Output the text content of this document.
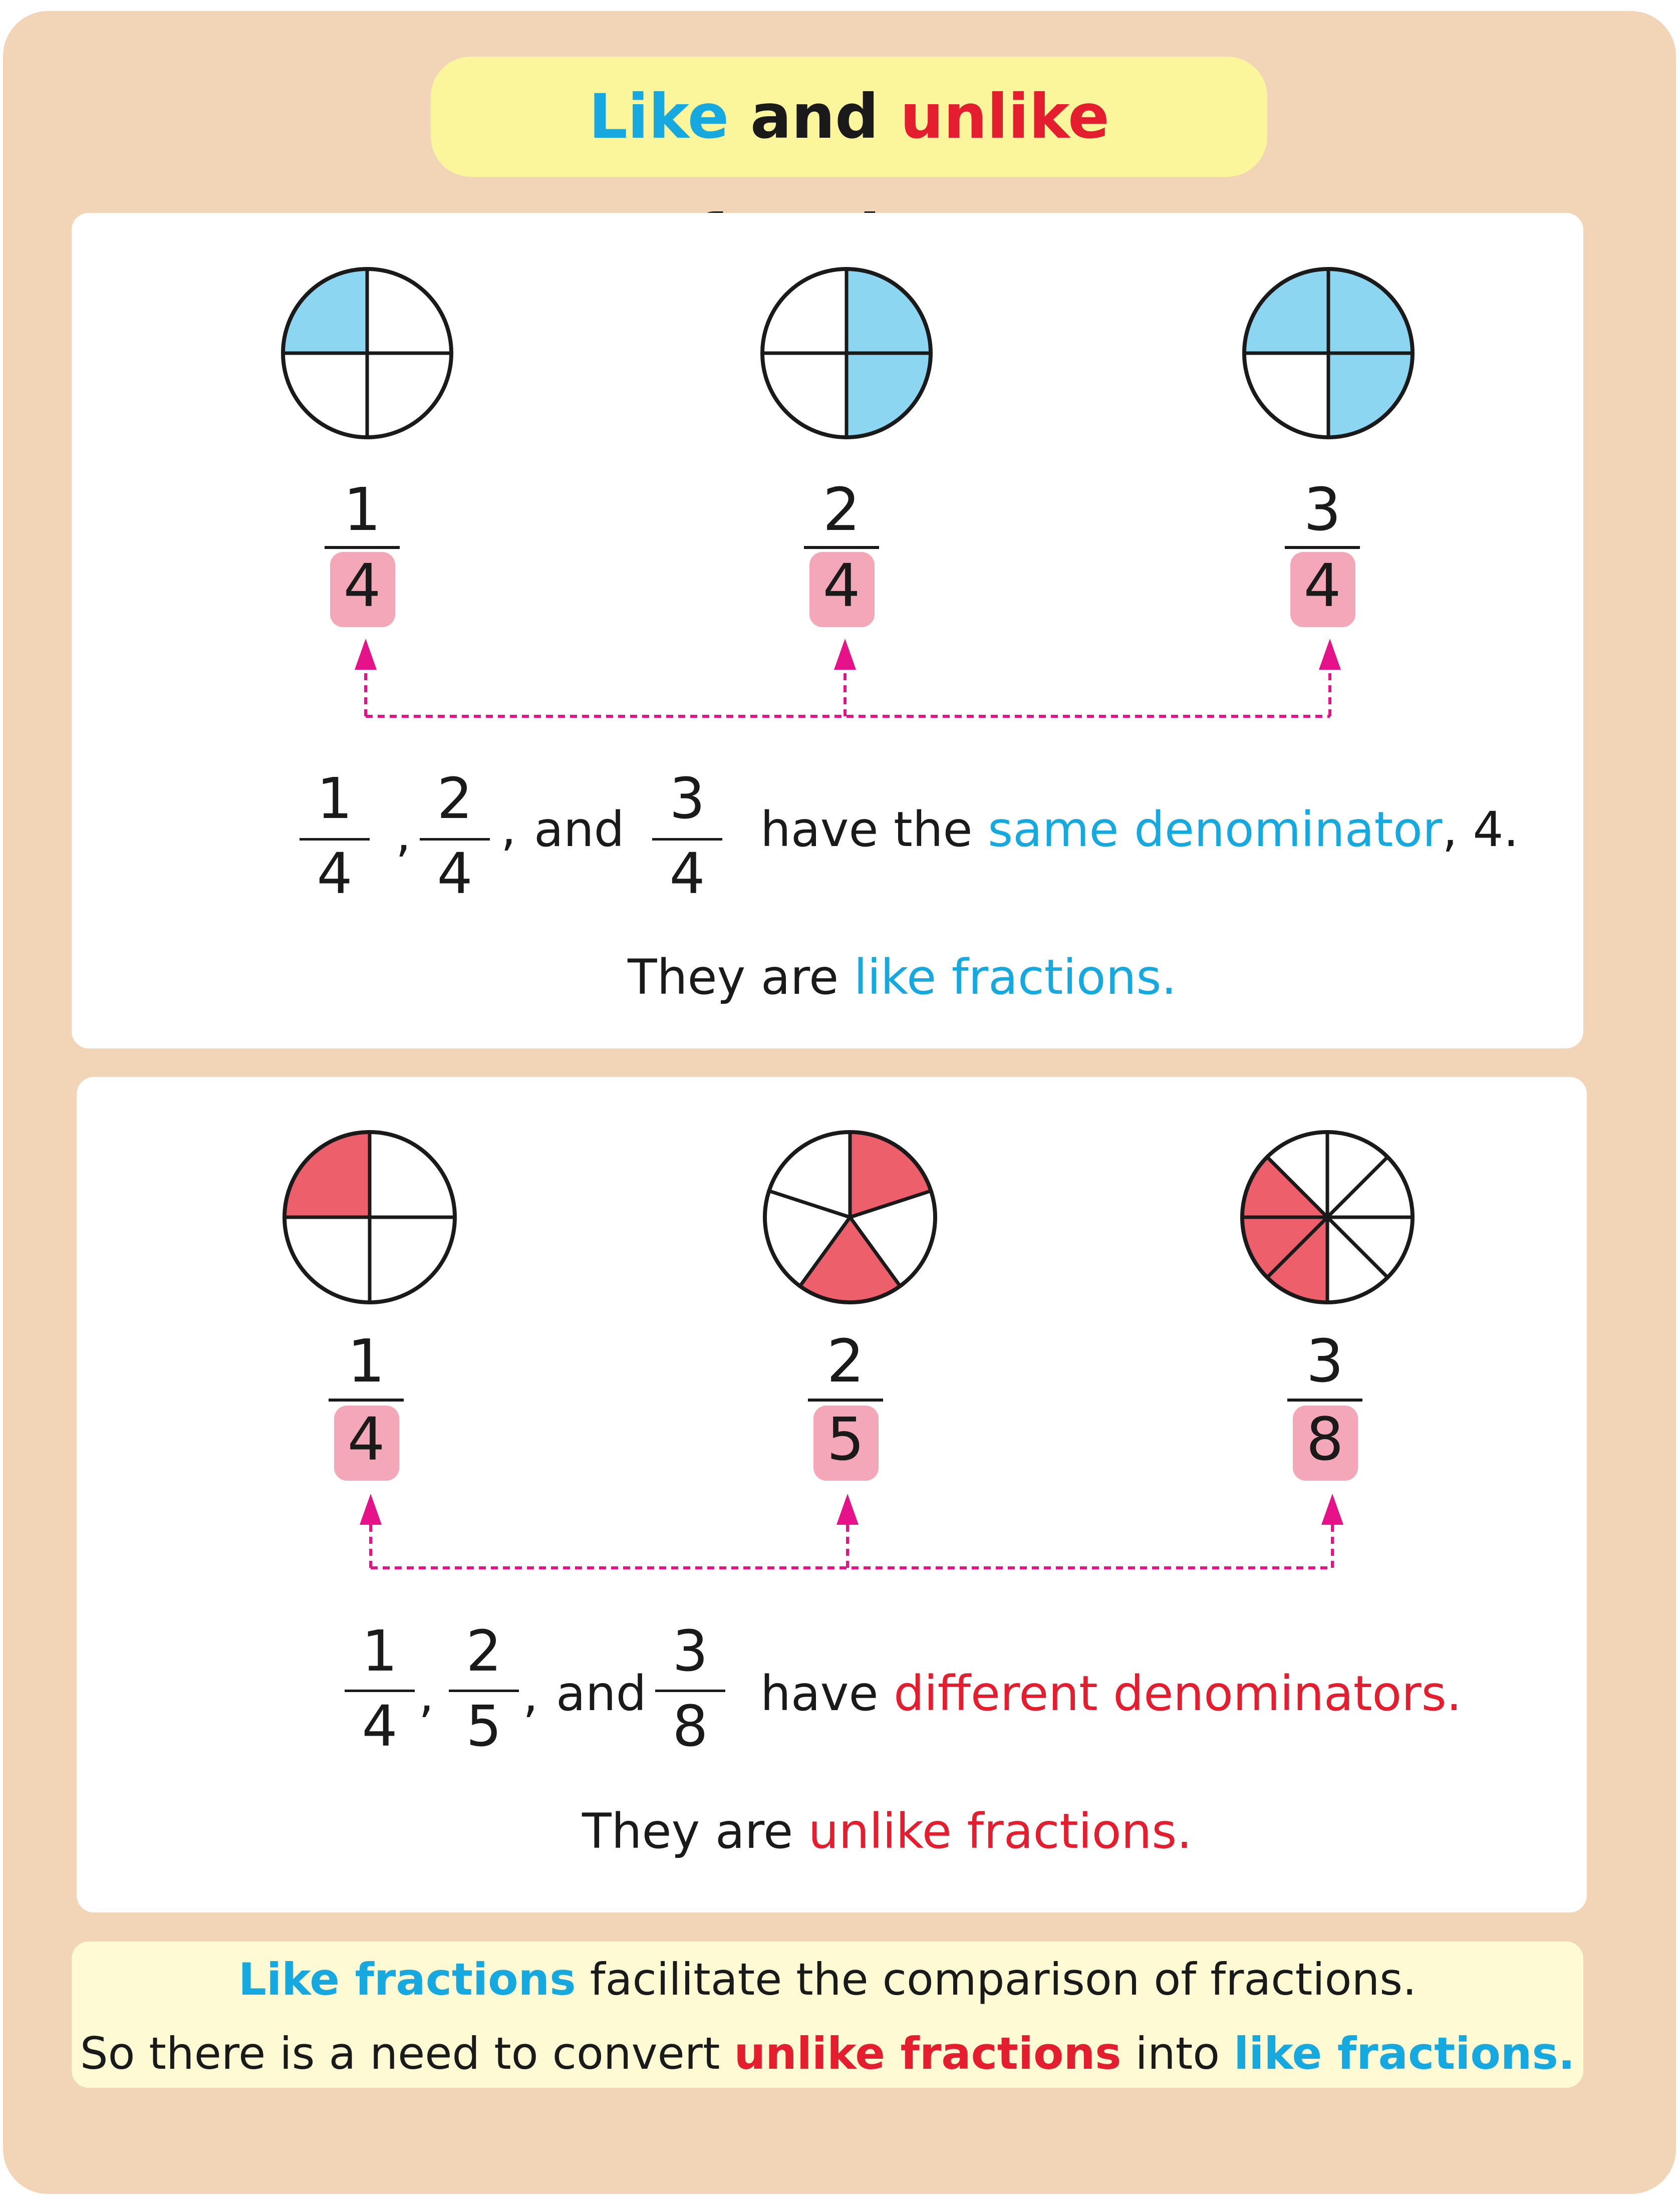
Like and unlike
1
4
2
4
3
4
1
4
,
2
4
, and 3
4
have the same denominator, 4.
They are like fractions.
1
4
2
5
3
8
1
4 ,
2
5 , and
3
8
have different denominators.
They are unlike fractions.
Like fractions facilitate the comparison of fractions.
So there is a need to convert unlike fractions into like fractions.
